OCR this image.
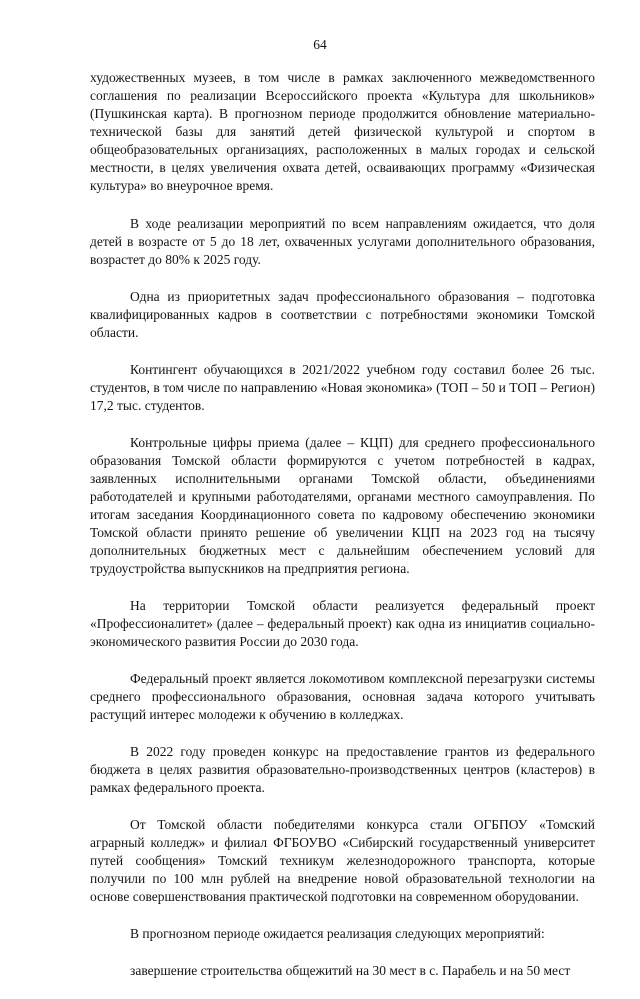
64

художественных музеев, в том числе в рамках заключенного межведомственного соглашения по реализации Всероссийского проекта «Культура для школьников» (Пушкинская карта). В прогнозном периоде продолжится обновление материально-технической базы для занятий детей физической культурой и спортом в общеобразовательных организациях, расположенных в малых городах и сельской местности, в целях увеличения охвата детей, осваивающих программу «Физическая культура» во внеурочное время.

В ходе реализации мероприятий по всем направлениям ожидается, что доля детей в возрасте от 5 до 18 лет, охваченных услугами дополнительного образования, возрастет до 80% к 2025 году.

Одна из приоритетных задач профессионального образования – подготовка квалифицированных кадров в соответствии с потребностями экономики Томской области.

Контингент обучающихся в 2021/2022 учебном году составил более 26 тыс. студентов, в том числе по направлению «Новая экономика» (ТОП – 50 и ТОП – Регион) 17,2 тыс. студентов.

Контрольные цифры приема (далее – КЦП) для среднего профессионального образования Томской области формируются с учетом потребностей в кадрах, заявленных исполнительными органами Томской области, объединениями работодателей и крупными работодателями, органами местного самоуправления. По итогам заседания Координационного совета по кадровому обеспечению экономики Томской области принято решение об увеличении КЦП на 2023 год на тысячу дополнительных бюджетных мест с дальнейшим обеспечением условий для трудоустройства выпускников на предприятия региона.

На территории Томской области реализуется федеральный проект «Профессионалитет» (далее – федеральный проект) как одна из инициатив социально-экономического развития России до 2030 года.

Федеральный проект является локомотивом комплексной перезагрузки системы среднего профессионального образования, основная задача которого учитывать растущий интерес молодежи к обучению в колледжах.

В 2022 году проведен конкурс на предоставление грантов из федерального бюджета в целях развития образовательно-производственных центров (кластеров) в рамках федерального проекта.

От Томской области победителями конкурса стали ОГБПОУ «Томский аграрный колледж» и филиал ФГБОУВО «Сибирский государственный университет путей сообщения» Томский техникум железнодорожного транспорта, которые получили по 100 млн рублей на внедрение новой образовательной технологии на основе совершенствования практической подготовки на современном оборудовании.

В прогнозном периоде ожидается реализация следующих мероприятий:

завершение строительства общежитий на 30 мест в с. Парабель и на 50 мест
